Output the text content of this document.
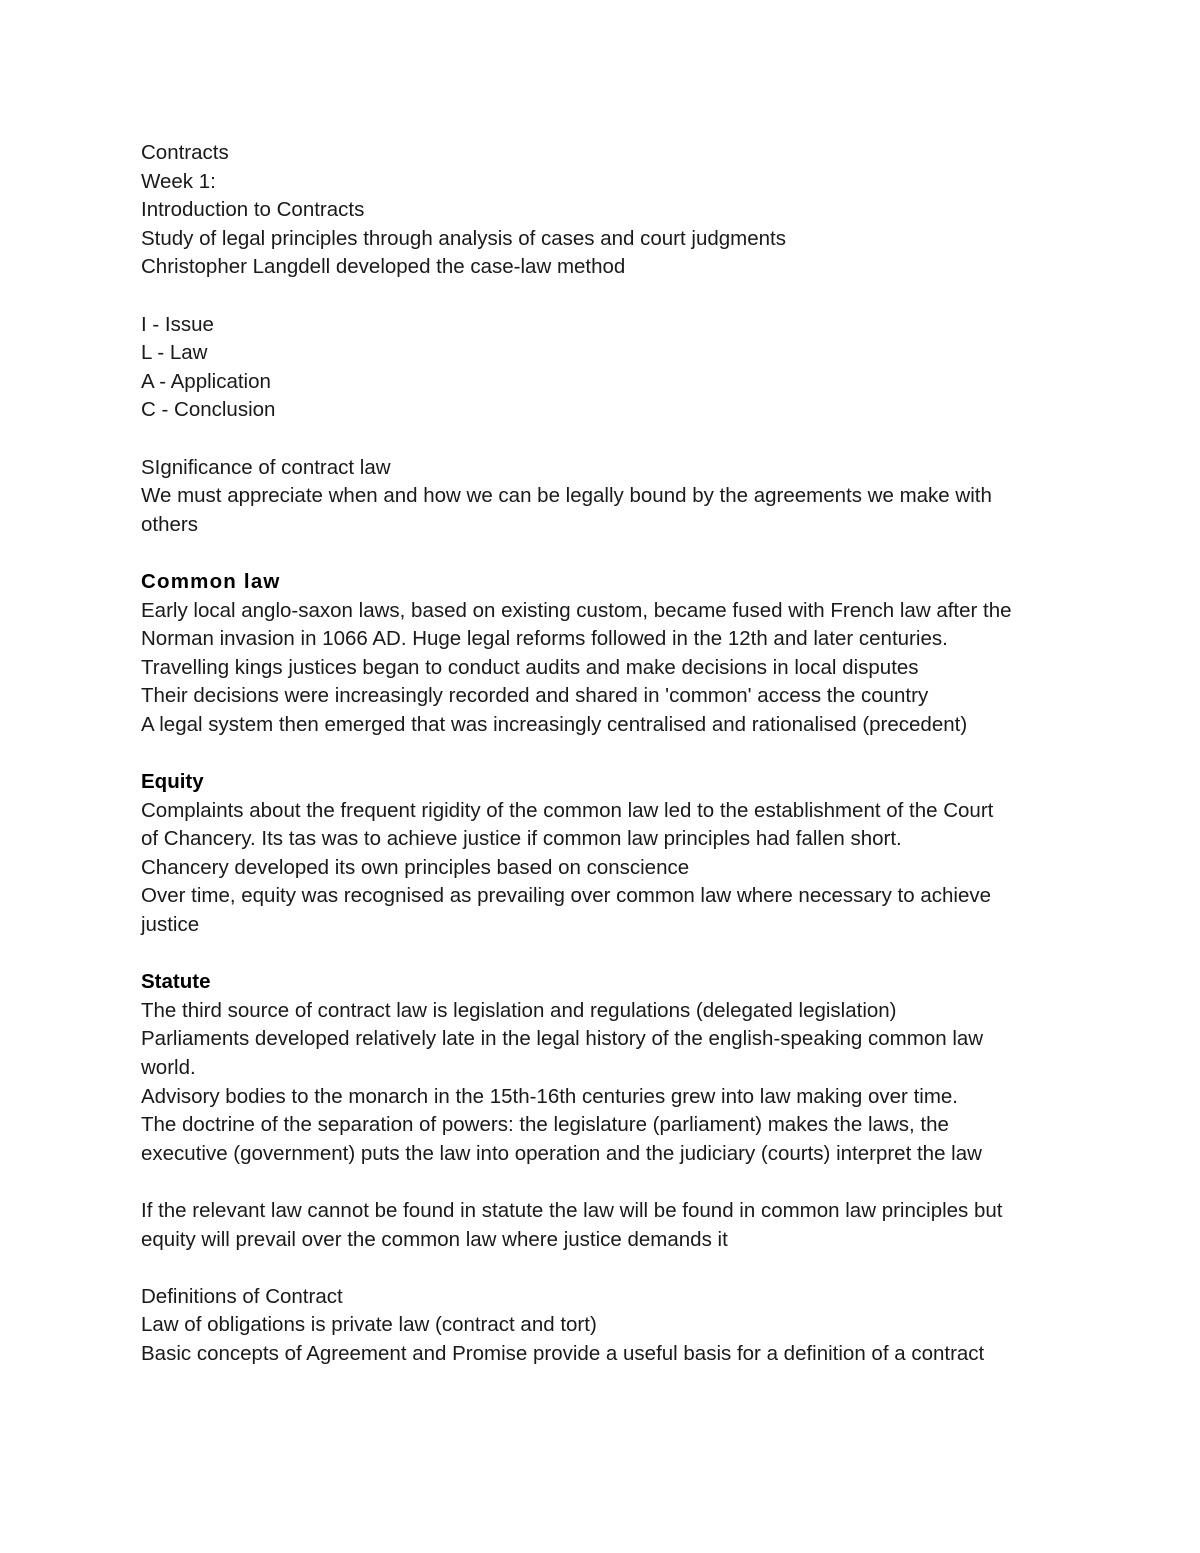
Contracts
Week 1:
Introduction to Contracts
Study of legal principles through analysis of cases and court judgments
Christopher Langdell developed the case-law method
I - Issue
L - Law
A - Application
C - Conclusion
SIgnificance of contract law
We must appreciate when and how we can be legally bound by the agreements we make with
others
Common law
Early local anglo-saxon laws, based on existing custom, became fused with French law after the
Norman invasion in 1066 AD. Huge legal reforms followed in the 12th and later centuries.
Travelling kings justices began to conduct audits and make decisions in local disputes
Their decisions were increasingly recorded and shared in 'common' access the country
A legal system then emerged that was increasingly centralised and rationalised (precedent)
Equity
Complaints about the frequent rigidity of the common law led to the establishment of the Court
of Chancery. Its tas was to achieve justice if common law principles had fallen short.
Chancery developed its own principles based on conscience
Over time, equity was recognised as prevailing over common law where necessary to achieve
justice
Statute
The third source of contract law is legislation and regulations (delegated legislation)
Parliaments developed relatively late in the legal history of the english-speaking common law
world.
Advisory bodies to the monarch in the 15th-16th centuries grew into law making over time.
The doctrine of the separation of powers: the legislature (parliament) makes the laws, the
executive (government) puts the law into operation and the judiciary (courts) interpret the law
If the relevant law cannot be found in statute the law will be found in common law principles but
equity will prevail over the common law where justice demands it
Definitions of Contract
Law of obligations is private law (contract and tort)
Basic concepts of Agreement and Promise provide a useful basis for a definition of a contract
